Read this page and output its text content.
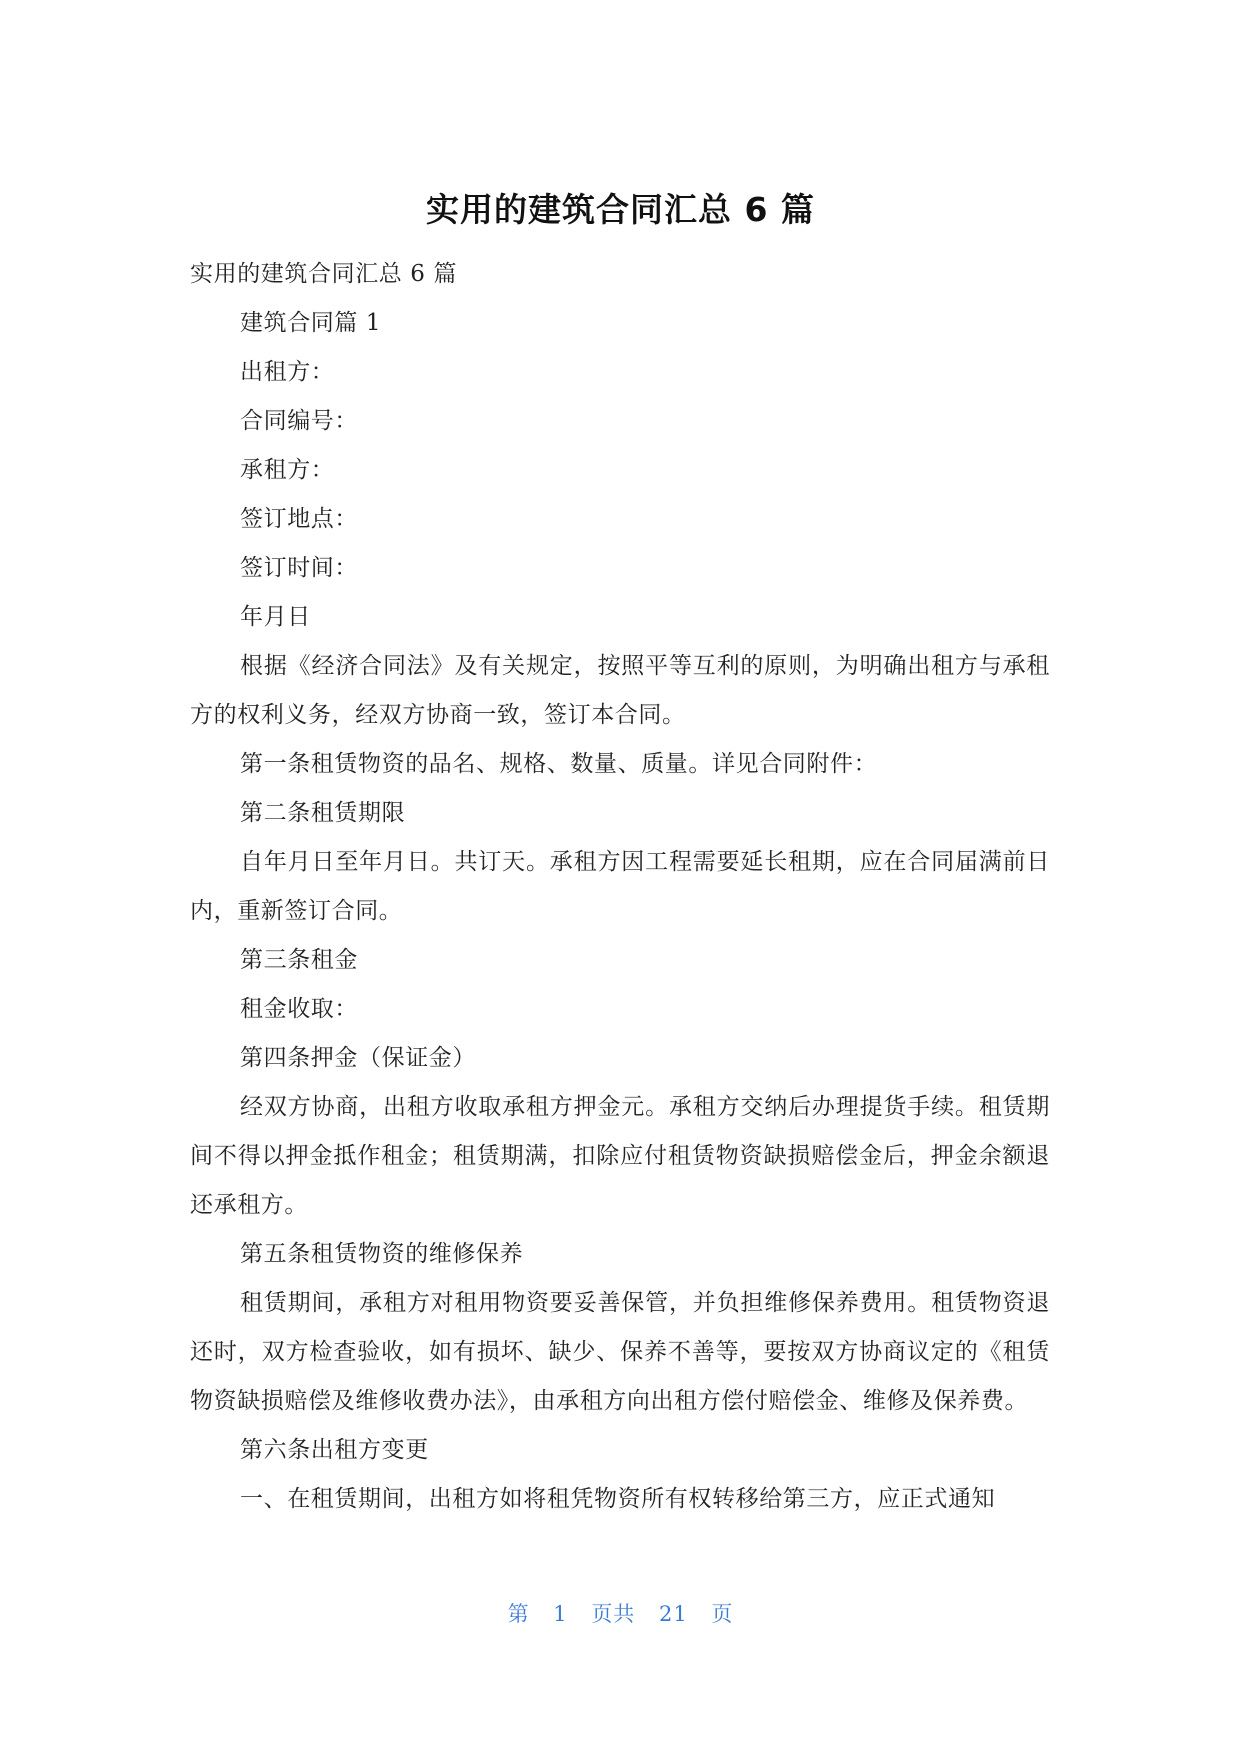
实用的建筑合同汇总 6 篇

实用的建筑合同汇总 6 篇

建筑合同篇 1

出租方：

合同编号：

承租方：

签订地点：

签订时间：

年月日

根据《经济合同法》及有关规定，按照平等互利的原则，为明确出租方与承租方的权利义务，经双方协商一致，签订本合同。

第一条租赁物资的品名、规格、数量、质量。详见合同附件：

第二条租赁期限

自年月日至年月日。共订天。承租方因工程需要延长租期，应在合同届满前日内，重新签订合同。

第三条租金

租金收取：

第四条押金（保证金）

经双方协商，出租方收取承租方押金元。承租方交纳后办理提货手续。租赁期间不得以押金抵作租金；租赁期满，扣除应付租赁物资缺损赔偿金后，押金余额退还承租方。

第五条租赁物资的维修保养

租赁期间，承租方对租用物资要妥善保管，并负担维修保养费用。租赁物资退还时，双方检查验收，如有损坏、缺少、保养不善等，要按双方协商议定的《租赁物资缺损赔偿及维修收费办法》，由承租方向出租方偿付赔偿金、维修及保养费。

第六条出租方变更

一、在租赁期间，出租方如将租凭物资所有权转移给第三方，应正式通知

第 1 页共 21 页
